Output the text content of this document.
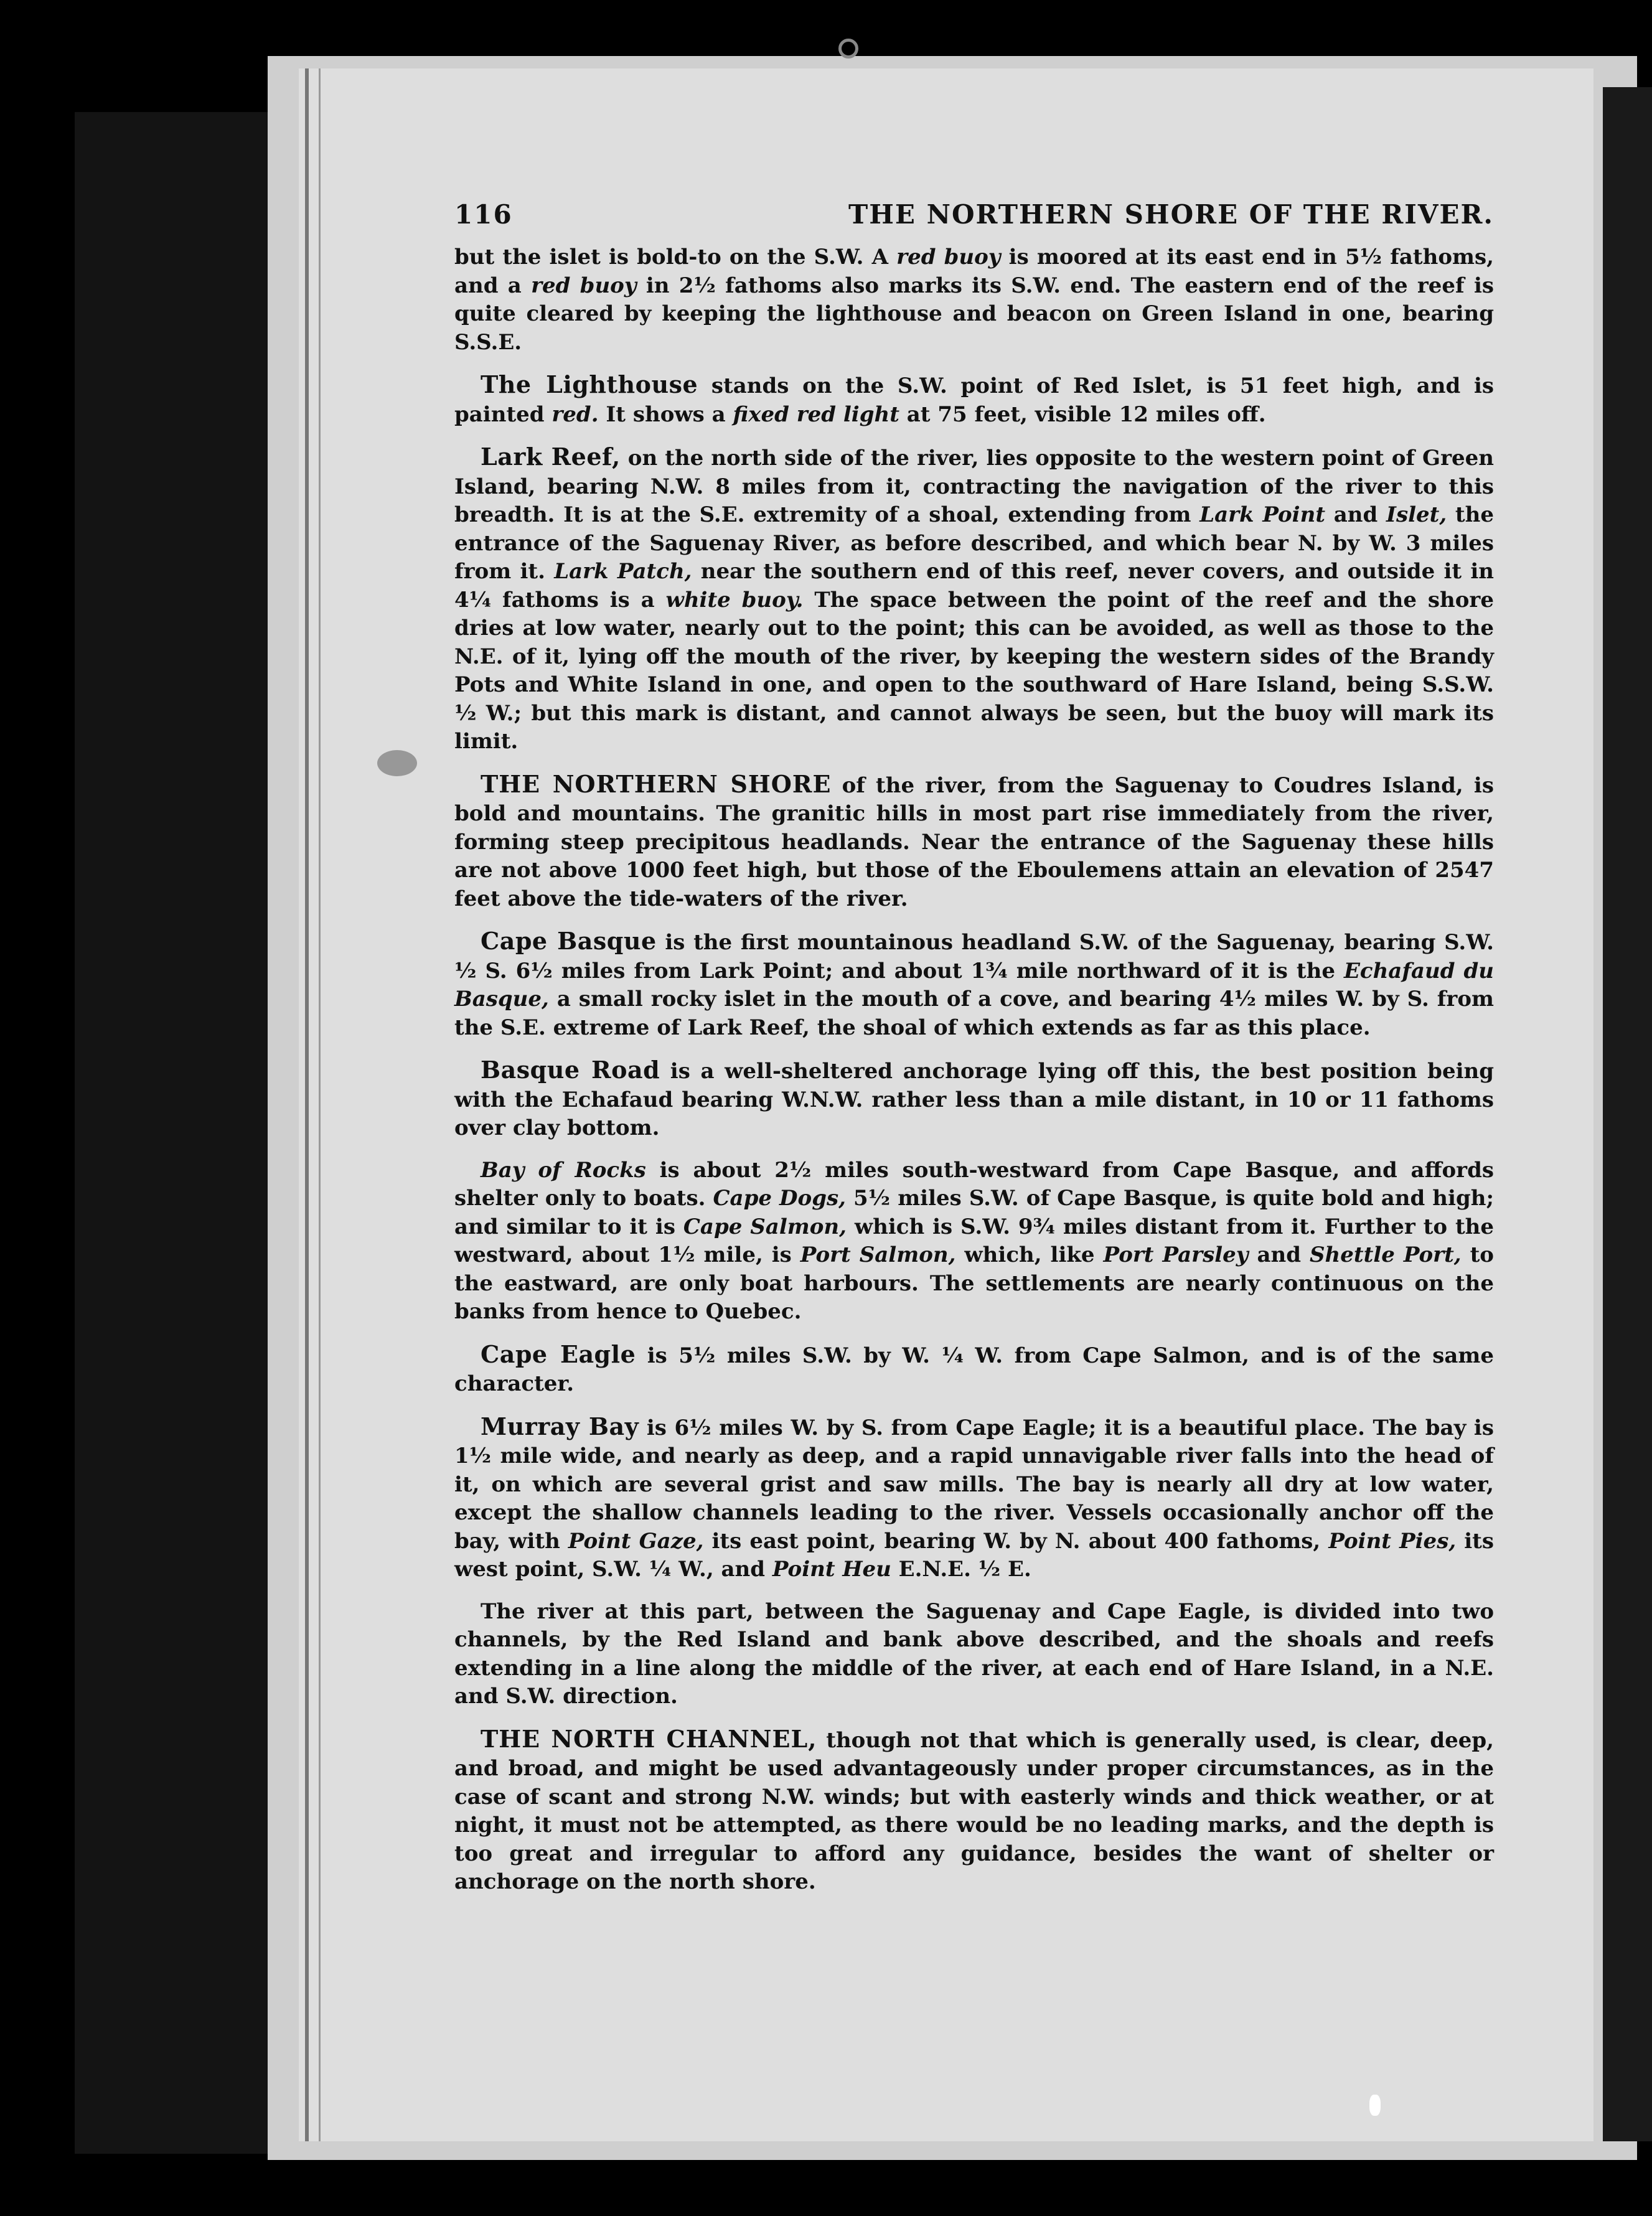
116	THE NORTHERN SHORE OF THE RIVER.

but the islet is bold-to on the S.W. A red buoy is moored at its east end in 5½ fathoms, and a red buoy in 2½ fathoms also marks its S.W. end. The eastern end of the reef is quite cleared by keeping the lighthouse and beacon on Green Island in one, bearing S.S.E.

The Lighthouse stands on the S.W. point of Red Islet, is 51 feet high, and is painted red. It shows a fixed red light at 75 feet, visible 12 miles off.

Lark Reef, on the north side of the river, lies opposite to the western point of Green Island, bearing N.W. 8 miles from it, contracting the navigation of the river to this breadth. It is at the S.E. extremity of a shoal, extending from Lark Point and Islet, the entrance of the Saguenay River, as before described, and which bear N. by W. 3 miles from it. Lark Patch, near the southern end of this reef, never covers, and outside it in 4¼ fathoms is a white buoy. The space between the point of the reef and the shore dries at low water, nearly out to the point; this can be avoided, as well as those to the N.E. of it, lying off the mouth of the river, by keeping the western sides of the Brandy Pots and White Island in one, and open to the southward of Hare Island, being S.S.W. ½ W.; but this mark is distant, and cannot always be seen, but the buoy will mark its limit.

THE NORTHERN SHORE of the river, from the Saguenay to Coudres Island, is bold and mountains. The granitic hills in most part rise immediately from the river, forming steep precipitous headlands. Near the entrance of the Saguenay these hills are not above 1000 feet high, but those of the Eboulemens attain an elevation of 2547 feet above the tide-waters of the river.

Cape Basque is the first mountainous headland S.W. of the Saguenay, bearing S.W. ½ S. 6½ miles from Lark Point; and about 1¾ mile northward of it is the Echafaud du Basque, a small rocky islet in the mouth of a cove, and bearing 4½ miles W. by S. from the S.E. extreme of Lark Reef, the shoal of which extends as far as this place.

Basque Road is a well-sheltered anchorage lying off this, the best position being with the Echafaud bearing W.N.W. rather less than a mile distant, in 10 or 11 fathoms over clay bottom.

Bay of Rocks is about 2½ miles south-westward from Cape Basque, and affords shelter only to boats. Cape Dogs, 5½ miles S.W. of Cape Basque, is quite bold and high; and similar to it is Cape Salmon, which is S.W. 9¾ miles distant from it. Further to the westward, about 1½ mile, is Port Salmon, which, like Port Parsley and Shettle Port, to the eastward, are only boat harbours. The settlements are nearly continuous on the banks from hence to Quebec.

Cape Eagle is 5½ miles S.W. by W. ¼ W. from Cape Salmon, and is of the same character.

Murray Bay is 6½ miles W. by S. from Cape Eagle; it is a beautiful place. The bay is 1½ mile wide, and nearly as deep, and a rapid unnavigable river falls into the head of it, on which are several grist and saw mills. The bay is nearly all dry at low water, except the shallow channels leading to the river. Vessels occasionally anchor off the bay, with Point Gaze, its east point, bearing W. by N. about 400 fathoms, Point Pies, its west point, S.W. ¼ W., and Point Heu E.N.E. ½ E.

The river at this part, between the Saguenay and Cape Eagle, is divided into two channels, by the Red Island and bank above described, and the shoals and reefs extending in a line along the middle of the river, at each end of Hare Island, in a N.E. and S.W. direction.

THE NORTH CHANNEL, though not that which is generally used, is clear, deep, and broad, and might be used advantageously under proper circumstances, as in the case of scant and strong N.W. winds; but with easterly winds and thick weather, or at night, it must not be attempted, as there would be no leading marks, and the depth is too great and irregular to afford any guidance, besides the want of shelter or anchorage on the north shore.
